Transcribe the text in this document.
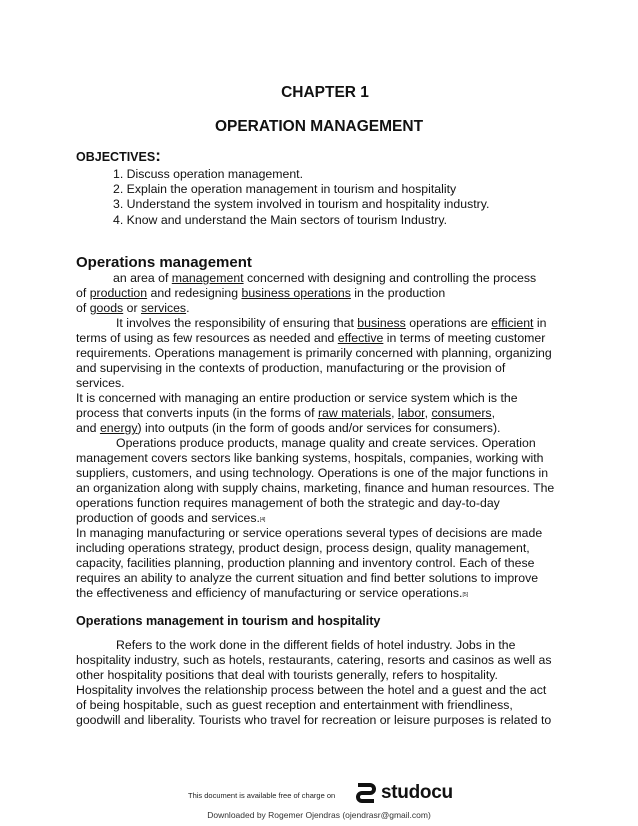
CHAPTER 1
OPERATION MANAGEMENT
OBJECTIVES:
1. Discuss operation management.
2. Explain the operation management in tourism and hospitality
3. Understand the system involved in tourism and hospitality industry.
4. Know and understand the Main sectors of tourism Industry.
Operations management
an area of management concerned with designing and controlling the process
of production and redesigning business operations in the production
of goods or services.
It involves the responsibility of ensuring that business operations are efficient in
terms of using as few resources as needed and effective in terms of meeting customer
requirements. Operations management is primarily concerned with planning, organizing
and supervising in the contexts of production, manufacturing or the provision of
services.
It is concerned with managing an entire production or service system which is the
process that converts inputs (in the forms of raw materials, labor, consumers,
and energy) into outputs (in the form of goods and/or services for consumers).
Operations produce products, manage quality and create services. Operation
management covers sectors like banking systems, hospitals, companies, working with
suppliers, customers, and using technology. Operations is one of the major functions in
an organization along with supply chains, marketing, finance and human resources. The
operations function requires management of both the strategic and day-to-day
production of goods and services.[4]
In managing manufacturing or service operations several types of decisions are made
including operations strategy, product design, process design, quality management,
capacity, facilities planning, production planning and inventory control. Each of these
requires an ability to analyze the current situation and find better solutions to improve
the effectiveness and efficiency of manufacturing or service operations.[5]
Operations management in tourism and hospitality
Refers to the work done in the different fields of hotel industry. Jobs in the
hospitality industry, such as hotels, restaurants, catering, resorts and casinos as well as
other hospitality positions that deal with tourists generally, refers to hospitality.
Hospitality involves the relationship process between the hotel and a guest and the act
of being hospitable, such as guest reception and entertainment with friendliness,
goodwill and liberality. Tourists who travel for recreation or leisure purposes is related to
This document is available free of charge on studocu
Downloaded by Rogemer Ojendras (ojendrasr@gmail.com)
